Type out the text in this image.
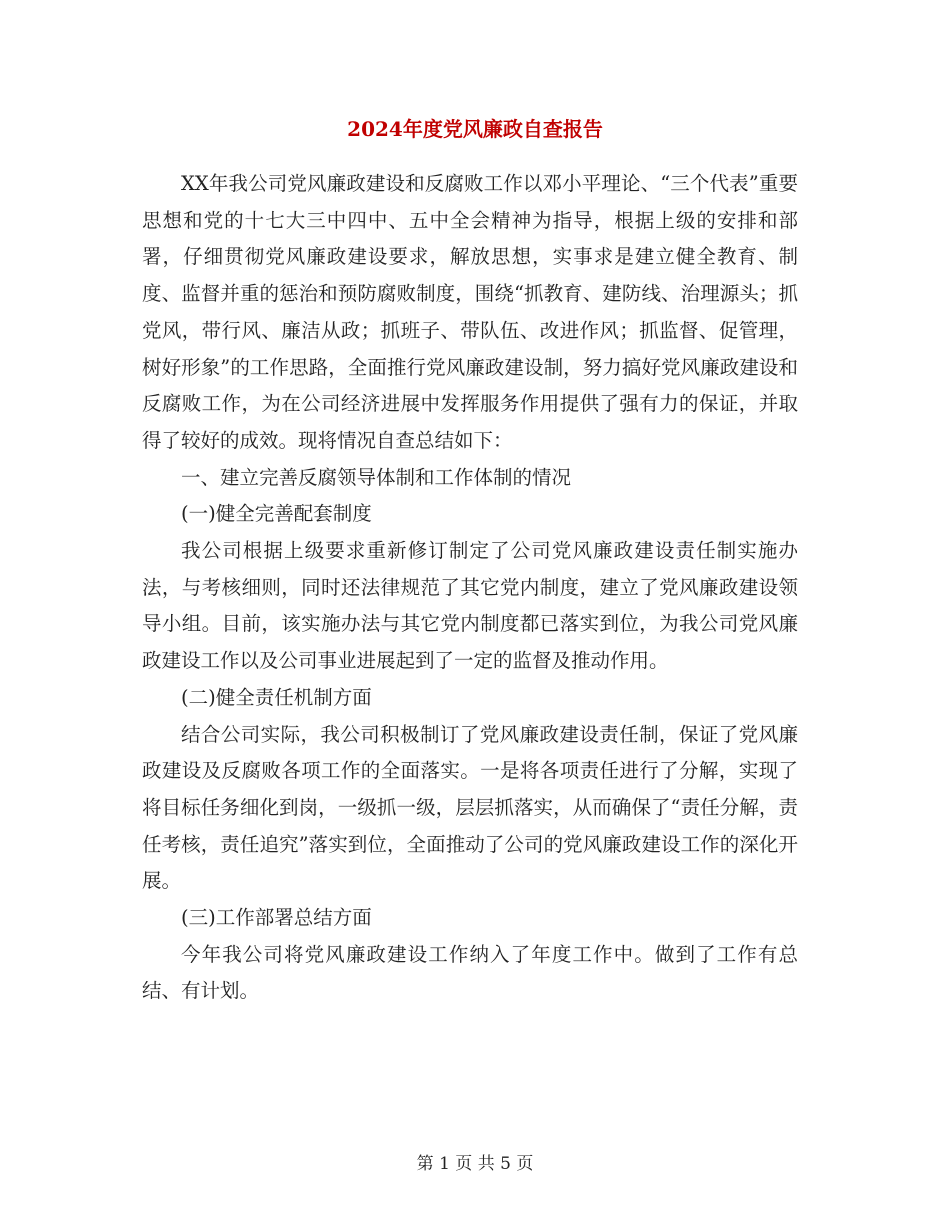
2024年度党风廉政自查报告

XX年我公司党风廉政建设和反腐败工作以邓小平理论、“三个代表”重要思想和党的十七大三中四中、五中全会精神为指导，根据上级的安排和部署，仔细贯彻党风廉政建设要求，解放思想，实事求是建立健全教育、制度、监督并重的惩治和预防腐败制度，围绕“抓教育、建防线、治理源头；抓党风，带行风、廉洁从政；抓班子、带队伍、改进作风；抓监督、促管理，树好形象”的工作思路，全面推行党风廉政建设制，努力搞好党风廉政建设和反腐败工作，为在公司经济进展中发挥服务作用提供了强有力的保证，并取得了较好的成效。现将情况自查总结如下：

一、建立完善反腐领导体制和工作体制的情况

(一)健全完善配套制度

我公司根据上级要求重新修订制定了公司党风廉政建设责任制实施办法，与考核细则，同时还法律规范了其它党内制度，建立了党风廉政建设领导小组。目前，该实施办法与其它党内制度都已落实到位，为我公司党风廉政建设工作以及公司事业进展起到了一定的监督及推动作用。

(二)健全责任机制方面

结合公司实际，我公司积极制订了党风廉政建设责任制，保证了党风廉政建设及反腐败各项工作的全面落实。一是将各项责任进行了分解，实现了将目标任务细化到岗，一级抓一级，层层抓落实，从而确保了“责任分解，责任考核，责任追究”落实到位，全面推动了公司的党风廉政建设工作的深化开展。

(三)工作部署总结方面

今年我公司将党风廉政建设工作纳入了年度工作中。做到了工作有总结、有计划。

第 1 页 共 5 页
